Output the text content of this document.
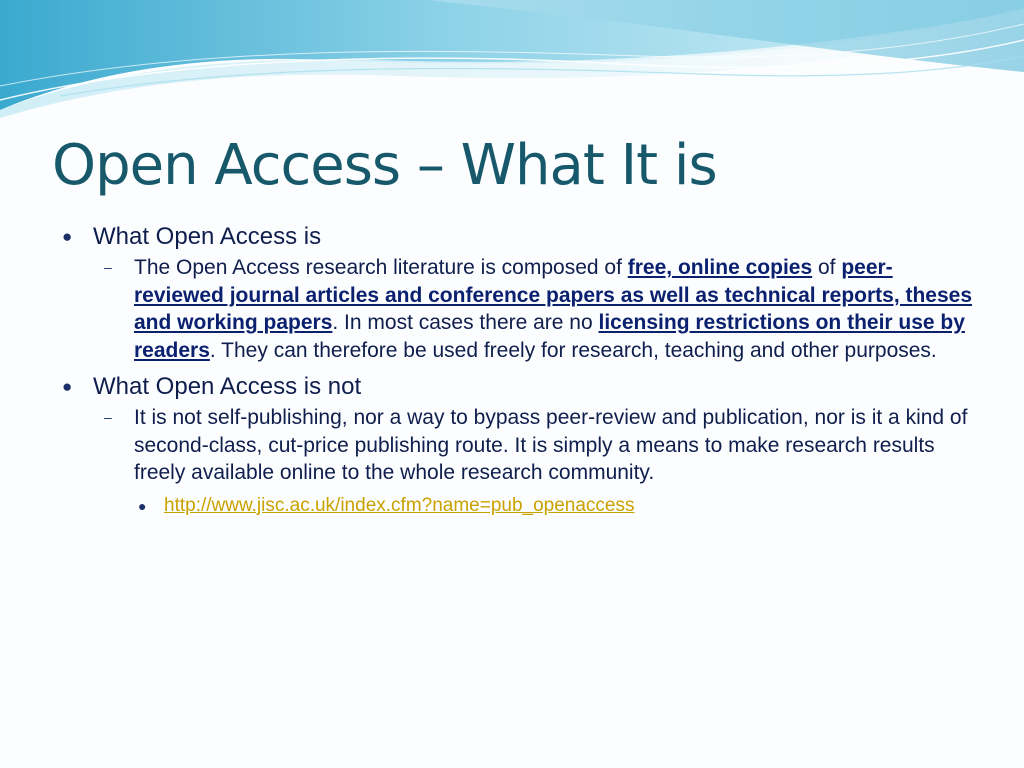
Open Access – What It is
● What Open Access is
– The Open Access research literature is composed of free, online copies of peer-reviewed journal articles and conference papers as well as technical reports, theses and working papers. In most cases there are no licensing restrictions on their use by readers. They can therefore be used freely for research, teaching and other purposes.
● What Open Access is not
– It is not self-publishing, nor a way to bypass peer-review and publication, nor is it a kind of second-class, cut-price publishing route. It is simply a means to make research results freely available online to the whole research community.
● http://www.jisc.ac.uk/index.cfm?name=pub_openaccess
